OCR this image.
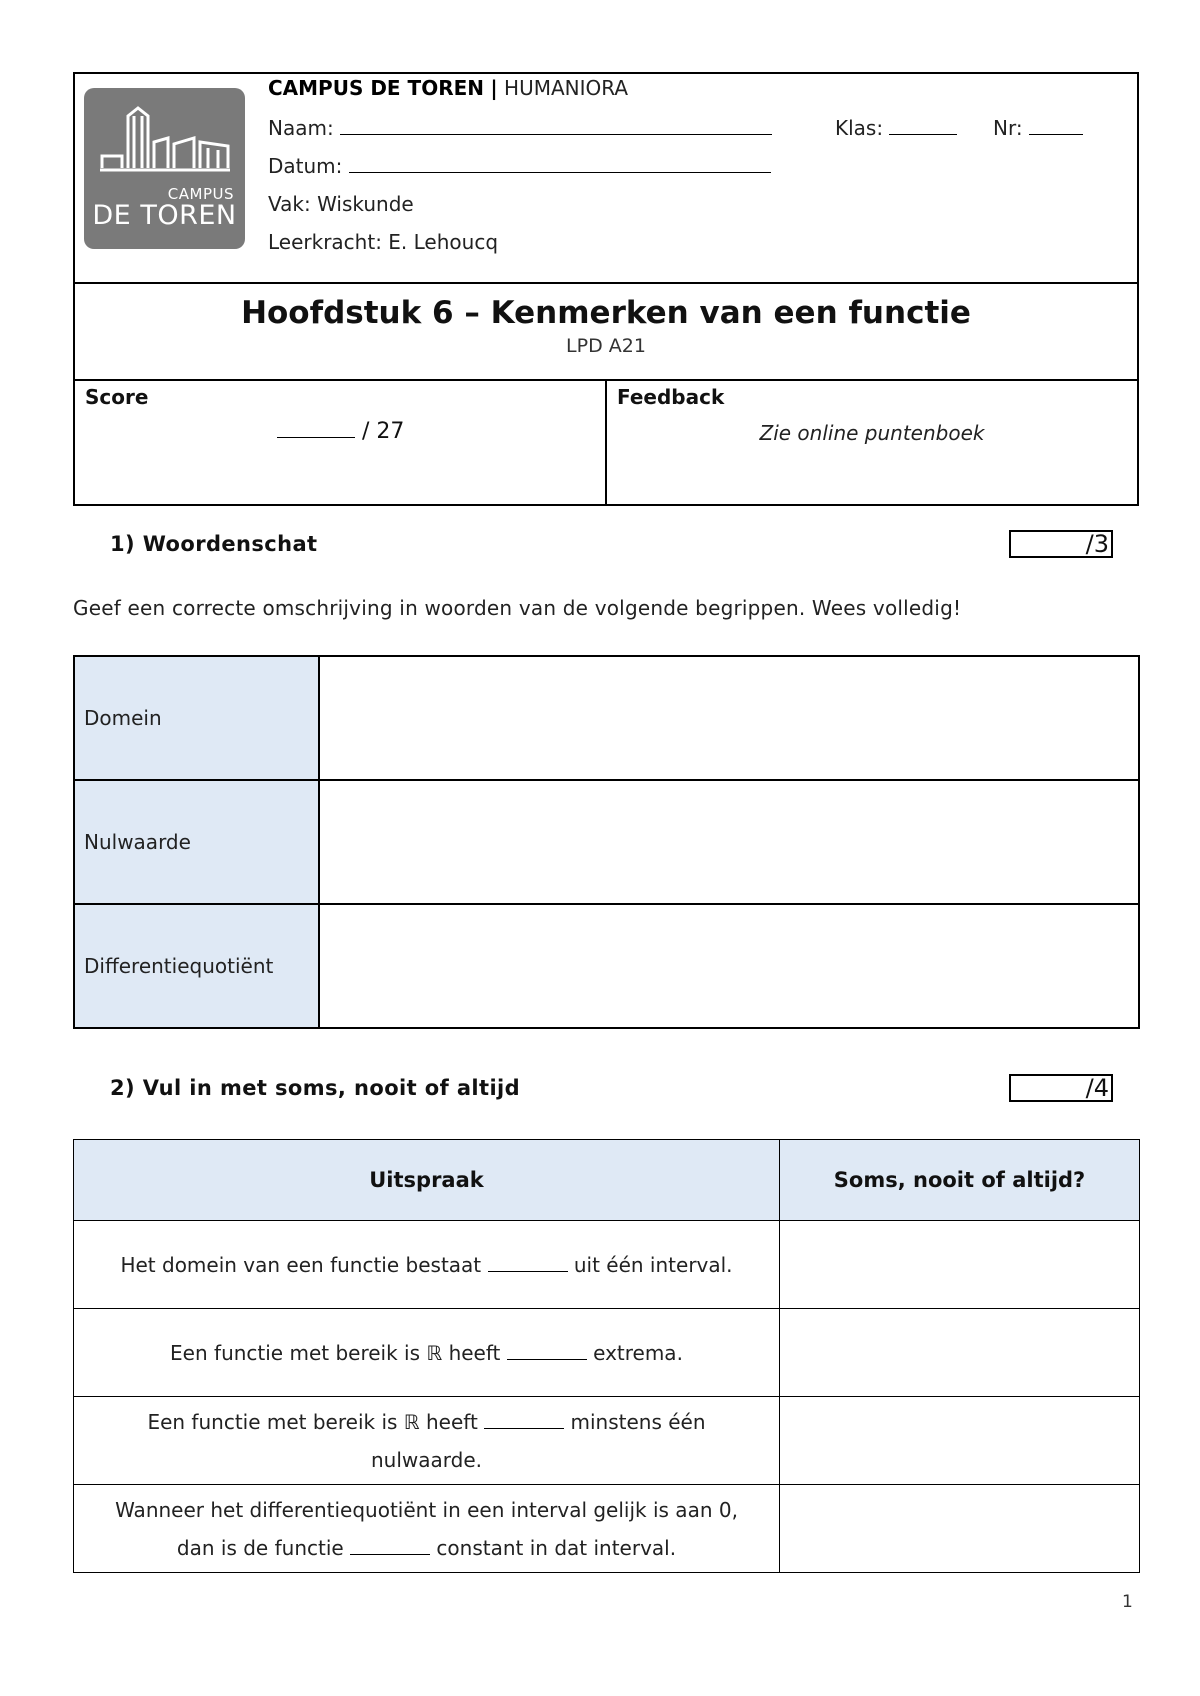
CAMPUS
DE TOREN
CAMPUS DE TOREN | HUMANIORA
Naam:	Klas:	Nr:
Datum:
Vak: Wiskunde
Leerkracht: E. Lehoucq
Hoofdstuk 6 – Kenmerken van een functie
LPD A21
Score
/ 27
Feedback
Zie online puntenboek
1) Woordenschat	/3
Geef een correcte omschrijving in woorden van de volgende begrippen. Wees volledig!
Domein	
Nulwaarde	
Differentiequotiënt	
2) Vul in met soms, nooit of altijd	/4
Uitspraak	Soms, nooit of altijd?
Het domein van een functie bestaat uit één interval.	
Een functie met bereik is ℝ heeft extrema.	
Een functie met bereik is ℝ heeft minstens één
nulwaarde.	
Wanneer het differentiequotiënt in een interval gelijk is aan 0,
dan is de functie constant in dat interval.	
1
